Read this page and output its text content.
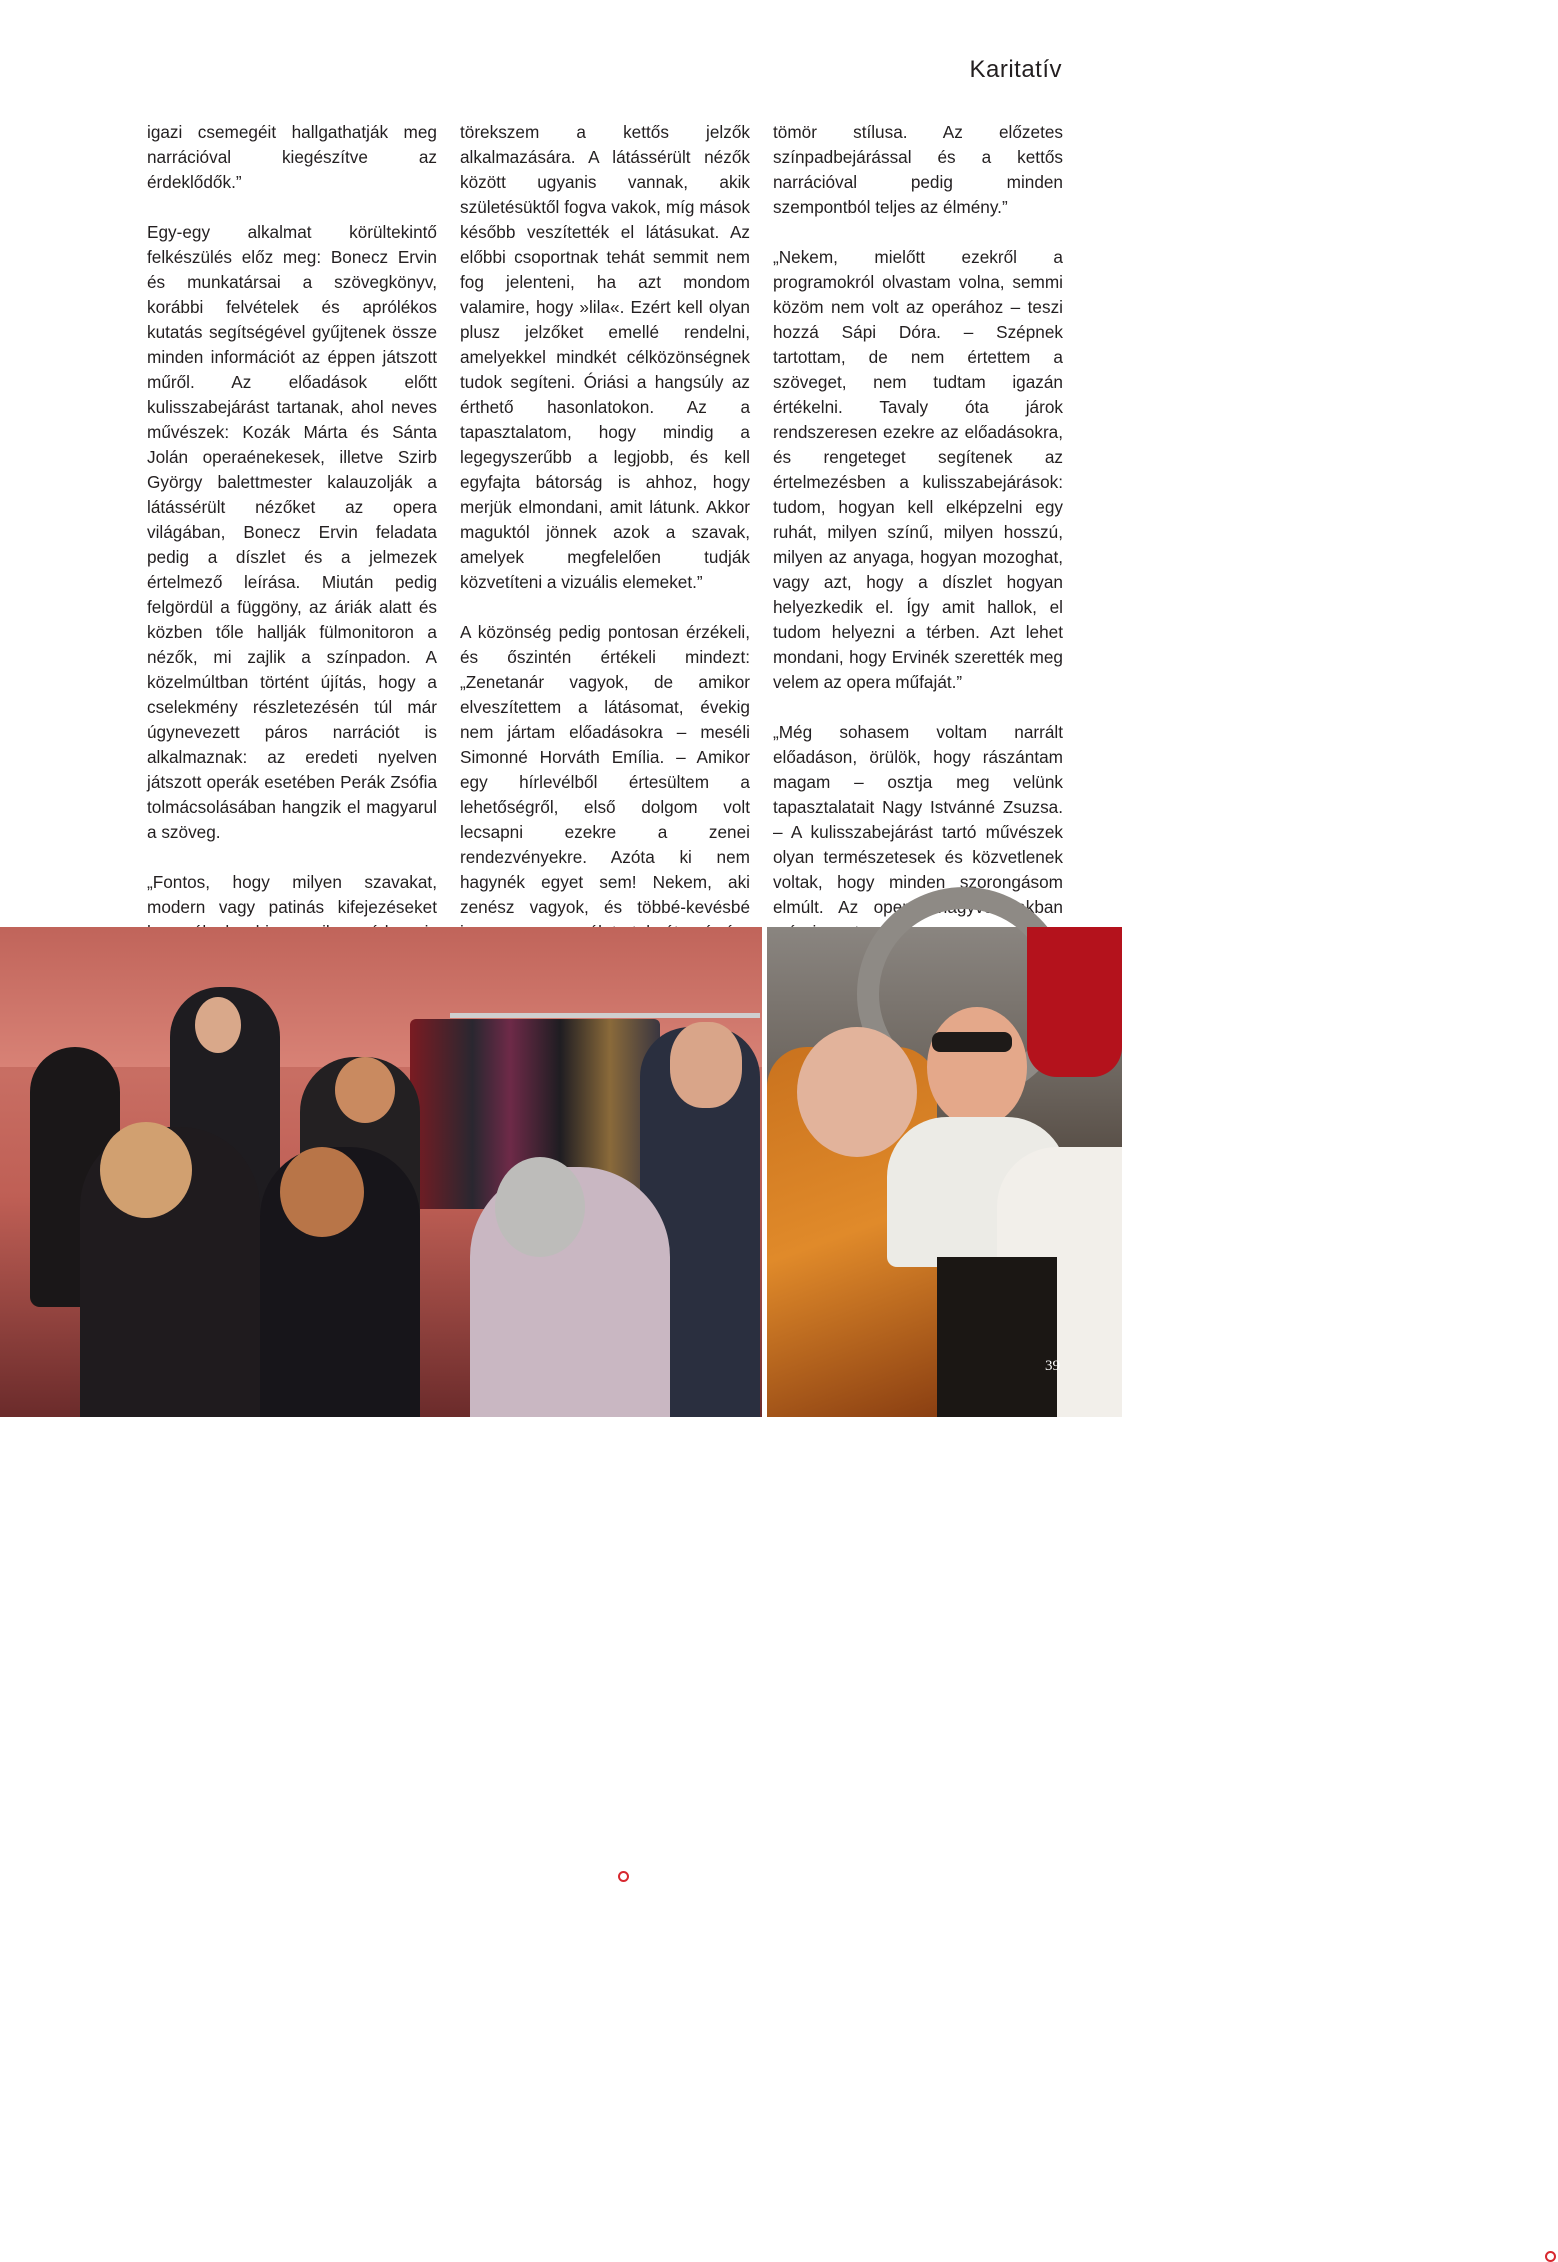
Karitatív

igazi csemegéit hallgathatják meg narrációval kiegészítve az érdeklődők.”

Egy-egy alkalmat körültekintő felkészülés előz meg: Bonecz Ervin és munkatársai a szövegkönyv, korábbi felvételek és aprólékos kutatás segítségével gyűjtenek össze minden információt az éppen játszott műről. Az előadások előtt kulisszabejárást tartanak, ahol neves művészek: Kozák Márta és Sánta Jolán operaénekesek, illetve Szirb György balettmester kalauzolják a látássérült nézőket az opera világában, Bonecz Ervin feladata pedig a díszlet és a jelmezek értelmező leírása. Miután pedig felgördül a függöny, az áriák alatt és közben tőle hallják fülmonitoron a nézők, mi zajlik a színpadon. A közelmúltban történt újítás, hogy a cselekmény részletezésén túl már úgynevezett páros narrációt is alkalmaznak: az eredeti nyelven játszott operák esetében Perák Zsófia tolmácsolásában hangzik el magyarul a szöveg.

„Fontos, hogy milyen szavakat, modern vagy patinás kifejezéseket

törekszem a kettős jelzők alkalmazására. A látássérült nézők között ugyanis vannak, akik születésüktől fogva vakok, míg mások később veszítették el látásukat. Az előbbi csoportnak tehát semmit nem fog jelenteni, ha azt mondom valamire, hogy »lila«. Ezért kell olyan plusz jelzőket emellé rendelni, amelyekkel mindkét célközönségnek tudok segíteni. Óriási a hangsúly az érthető hasonlatokon. Az a tapasztalatom, hogy mindig a legegyszerűbb a legjobb, és kell egyfajta bátorság is ahhoz, hogy merjük elmondani, amit látunk. Akkor maguktól jönnek azok a szavak, amelyek megfelelően tudják közvetíteni a vizuális elemeket.”

A közönség pedig pontosan érzékeli, és őszintén értékeli mindezt: „Zenetanár vagyok, de amikor elveszítettem a látásomat, évekig nem jártam előadásokra – meséli Simonné Horváth Emília. – Amikor egy hírlevélből értesültem a lehetőségről, első dolgom volt lecsapni ezekre a zenei rendezvényekre. Azóta ki nem hagynék egyet sem! Nekem, aki zenész vagyok, és többé-kevésbé

tömör stílusa. Az előzetes színpadbejárással és a kettős narrációval pedig minden szempontból teljes az élmény.”

„Nekem, mielőtt ezekről a programokról olvastam volna, semmi közöm nem volt az operához – teszi hozzá Sápi Dóra. – Szépnek tartottam, de nem értettem a szöveget, nem tudtam igazán értékelni. Tavaly óta járok rendszeresen ezekre az előadásokra, és rengeteget segítenek az értelmezésben a kulisszabejárások: tudom, hogyan kell elképzelni egy ruhát, milyen színű, milyen hosszú, milyen az anyaga, hogyan mozoghat, vagy azt, hogy a díszlet hogyan helyezkedik el. Így amit hallok, el tudom helyezni a térben. Azt lehet mondani, hogy Ervinék szerették meg velem az opera műfaját.”

„Még sohasem voltam narrált előadáson, örülök, hogy rászántam magam – osztja meg velünk tapasztalatait Nagy Istvánné Zsuzsa. – A kulisszabejárást tartó művészek olyan természetesek és közvetlenek voltak, hogy minden szorongásom elmúlt. Az operát nagyvonalakban

Fotó: Berecz Valter
Fotó: Berecz Valter
39
